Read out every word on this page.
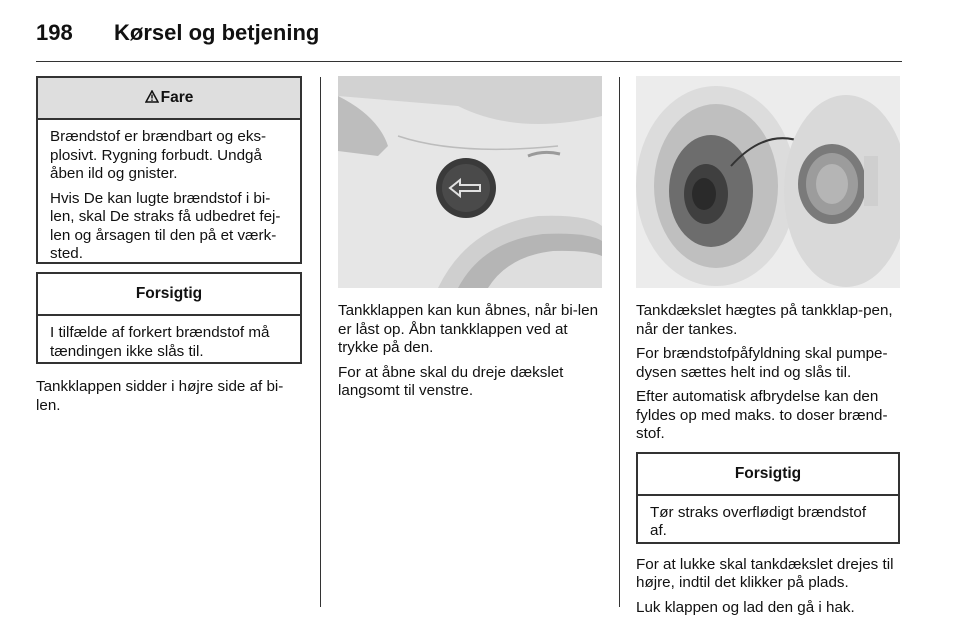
198 Kørsel og betjening
Fare

Brændstof er brændbart og eks-plosivt. Rygning forbudt. Undgå åben ild og gnister.

Hvis De kan lugte brændstof i bi-len, skal De straks få udbedret fej-len og årsagen til den på et værk-sted.

Forsigtig

I tilfælde af forkert brændstof må tændingen ikke slås til.

Tankklappen sidder i højre side af bi-len.

Tankklappen kan kun åbnes, når bi-len er låst op. Åbn tankklappen ved at trykke på den.

For at åbne skal du dreje dækslet langsomt til venstre.

Tankdækslet hægtes på tankklap-pen, når der tankes.

For brændstofpåfyldning skal pumpe-dysen sættes helt ind og slås til.

Efter automatisk afbrydelse kan den fyldes op med maks. to doser brænd-stof.

Forsigtig

Tør straks overflødigt brændstof af.

For at lukke skal tankdækslet drejes til højre, indtil det klikker på plads.

Luk klappen og lad den gå i hak.
